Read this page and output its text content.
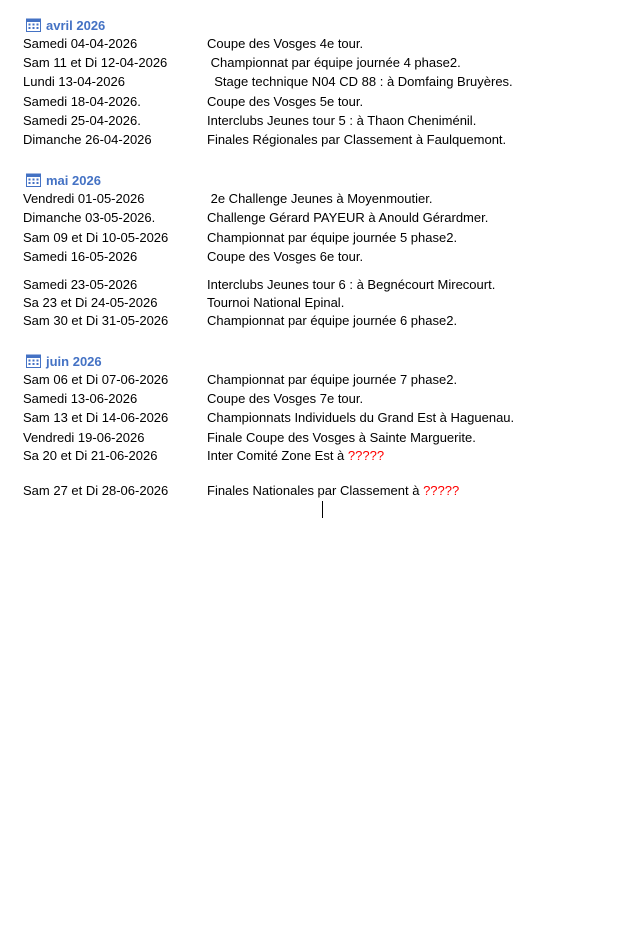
avril 2026
Samedi 04-04-2026	Coupe des Vosges 4e tour.
Sam 11 et Di 12-04-2026	Championnat par équipe journée 4 phase2.
Lundi 13-04-2026	Stage technique N04 CD 88 : à Domfaing Bruyères.
Samedi 18-04-2026.	Coupe des Vosges 5e tour.
Samedi 25-04-2026.	Interclubs Jeunes tour 5 : à Thaon Cheniménil.
Dimanche 26-04-2026	Finales Régionales par Classement à Faulquemont.
mai 2026
Vendredi 01-05-2026	2e Challenge Jeunes à Moyenmoutier.
Dimanche 03-05-2026.	Challenge Gérard PAYEUR à Anould Gérardmer.
Sam 09 et Di 10-05-2026	Championnat par équipe journée 5 phase2.
Samedi 16-05-2026	Coupe des Vosges 6e tour.
Samedi 23-05-2026	Interclubs Jeunes tour 6 : à Begnécourt Mirecourt.
Sa 23 et Di 24-05-2026	Tournoi National Epinal.
Sam 30 et Di 31-05-2026	Championnat par équipe journée 6 phase2.
juin 2026
Sam 06 et Di 07-06-2026	Championnat par équipe journée 7 phase2.
Samedi 13-06-2026	Coupe des Vosges 7e tour.
Sam 13 et Di 14-06-2026	Championnats Individuels du Grand Est à Haguenau.
Vendredi 19-06-2026	Finale Coupe des Vosges à Sainte Marguerite.
Sa 20 et Di 21-06-2026	Inter Comité Zone Est à ?????
Sam 27 et Di 28-06-2026	Finales Nationales par Classement à ?????
